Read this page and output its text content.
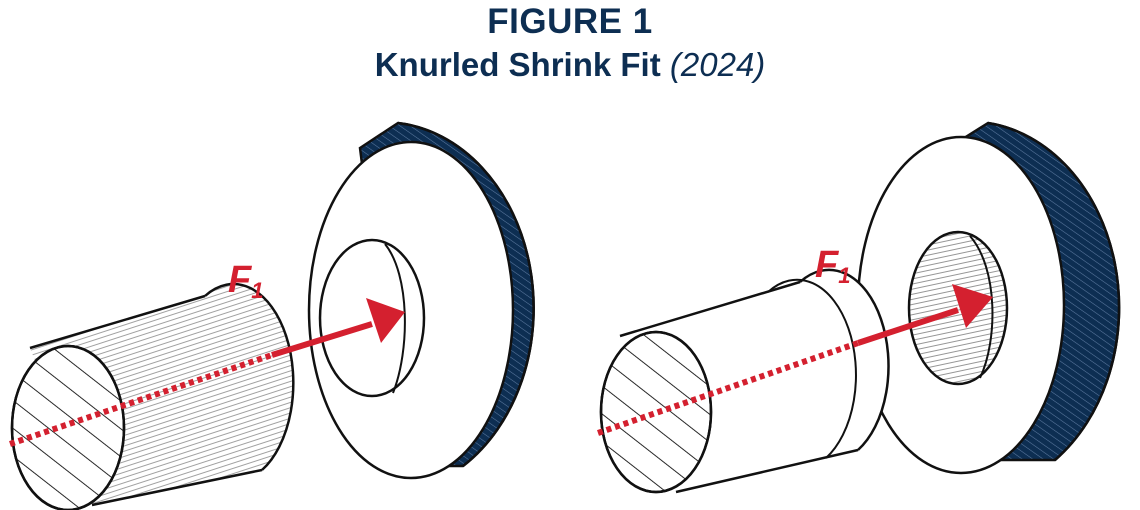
FIGURE 1
Knurled Shrink Fit (2024)
F1
F1
